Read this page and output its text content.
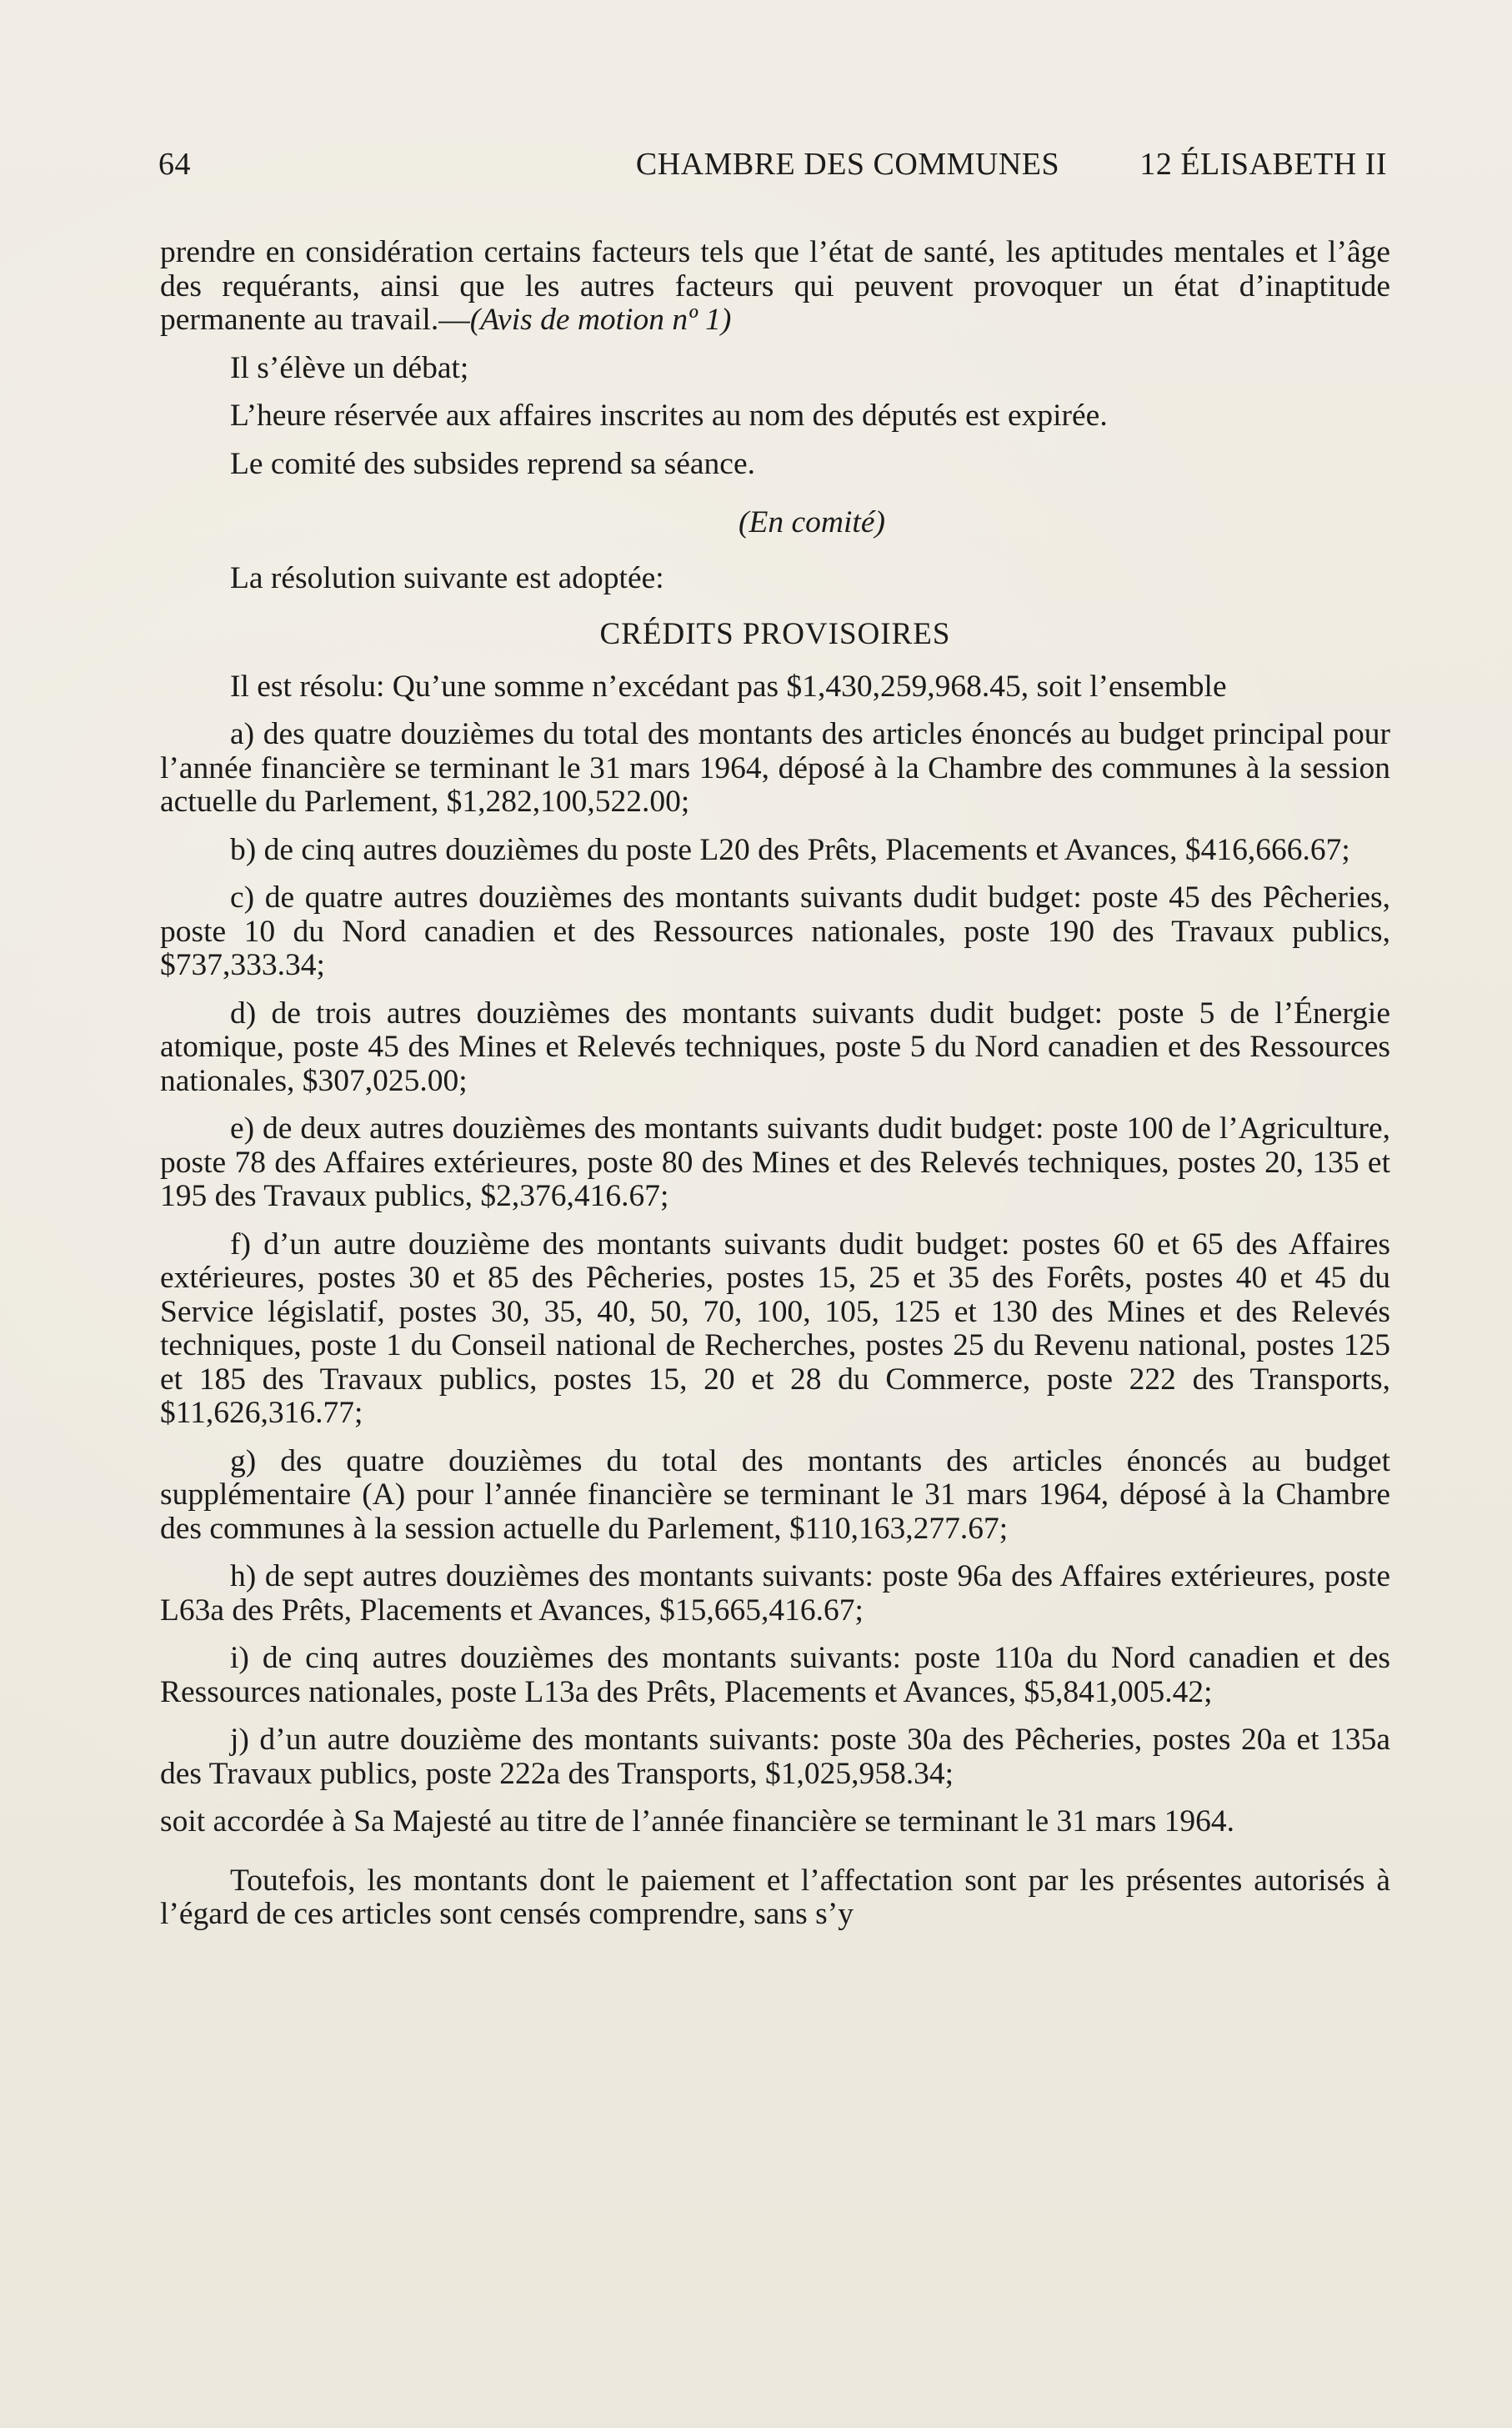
64	CHAMBRE DES COMMUNES	12 ÉLISABETH II

prendre en considération certains facteurs tels que l’état de santé, les aptitudes mentales et l’âge des requérants, ainsi que les autres facteurs qui peuvent provoquer un état d’inaptitude permanente au travail.—(Avis de motion nº 1)

Il s’élève un débat;

L’heure réservée aux affaires inscrites au nom des députés est expirée.

Le comité des subsides reprend sa séance.

(En comité)

La résolution suivante est adoptée:

CRÉDITS PROVISOIRES

Il est résolu: Qu’une somme n’excédant pas $1,430,259,968.45, soit l’ensemble

a) des quatre douzièmes du total des montants des articles énoncés au budget principal pour l’année financière se terminant le 31 mars 1964, déposé à la Chambre des communes à la session actuelle du Parlement, $1,282,100,522.00;

b) de cinq autres douzièmes du poste L20 des Prêts, Placements et Avances, $416,666.67;

c) de quatre autres douzièmes des montants suivants dudit budget: poste 45 des Pêcheries, poste 10 du Nord canadien et des Ressources nationales, poste 190 des Travaux publics, $737,333.34;

d) de trois autres douzièmes des montants suivants dudit budget: poste 5 de l’Énergie atomique, poste 45 des Mines et Relevés techniques, poste 5 du Nord canadien et des Ressources nationales, $307,025.00;

e) de deux autres douzièmes des montants suivants dudit budget: poste 100 de l’Agriculture, poste 78 des Affaires extérieures, poste 80 des Mines et des Relevés techniques, postes 20, 135 et 195 des Travaux publics, $2,376,416.67;

f) d’un autre douzième des montants suivants dudit budget: postes 60 et 65 des Affaires extérieures, postes 30 et 85 des Pêcheries, postes 15, 25 et 35 des Forêts, postes 40 et 45 du Service législatif, postes 30, 35, 40, 50, 70, 100, 105, 125 et 130 des Mines et des Relevés techniques, poste 1 du Conseil national de Recherches, postes 25 du Revenu national, postes 125 et 185 des Travaux publics, postes 15, 20 et 28 du Commerce, poste 222 des Transports, $11,626,316.77;

g) des quatre douzièmes du total des montants des articles énoncés au budget supplémentaire (A) pour l’année financière se terminant le 31 mars 1964, déposé à la Chambre des communes à la session actuelle du Parlement, $110,163,277.67;

h) de sept autres douzièmes des montants suivants: poste 96a des Affaires extérieures, poste L63a des Prêts, Placements et Avances, $15,665,416.67;

i) de cinq autres douzièmes des montants suivants: poste 110a du Nord canadien et des Ressources nationales, poste L13a des Prêts, Placements et Avances, $5,841,005.42;

j) d’un autre douzième des montants suivants: poste 30a des Pêcheries, postes 20a et 135a des Travaux publics, poste 222a des Transports, $1,025,958.34;

soit accordée à Sa Majesté au titre de l’année financière se terminant le 31 mars 1964.

Toutefois, les montants dont le paiement et l’affectation sont par les présentes autorisés à l’égard de ces articles sont censés comprendre, sans s’y
